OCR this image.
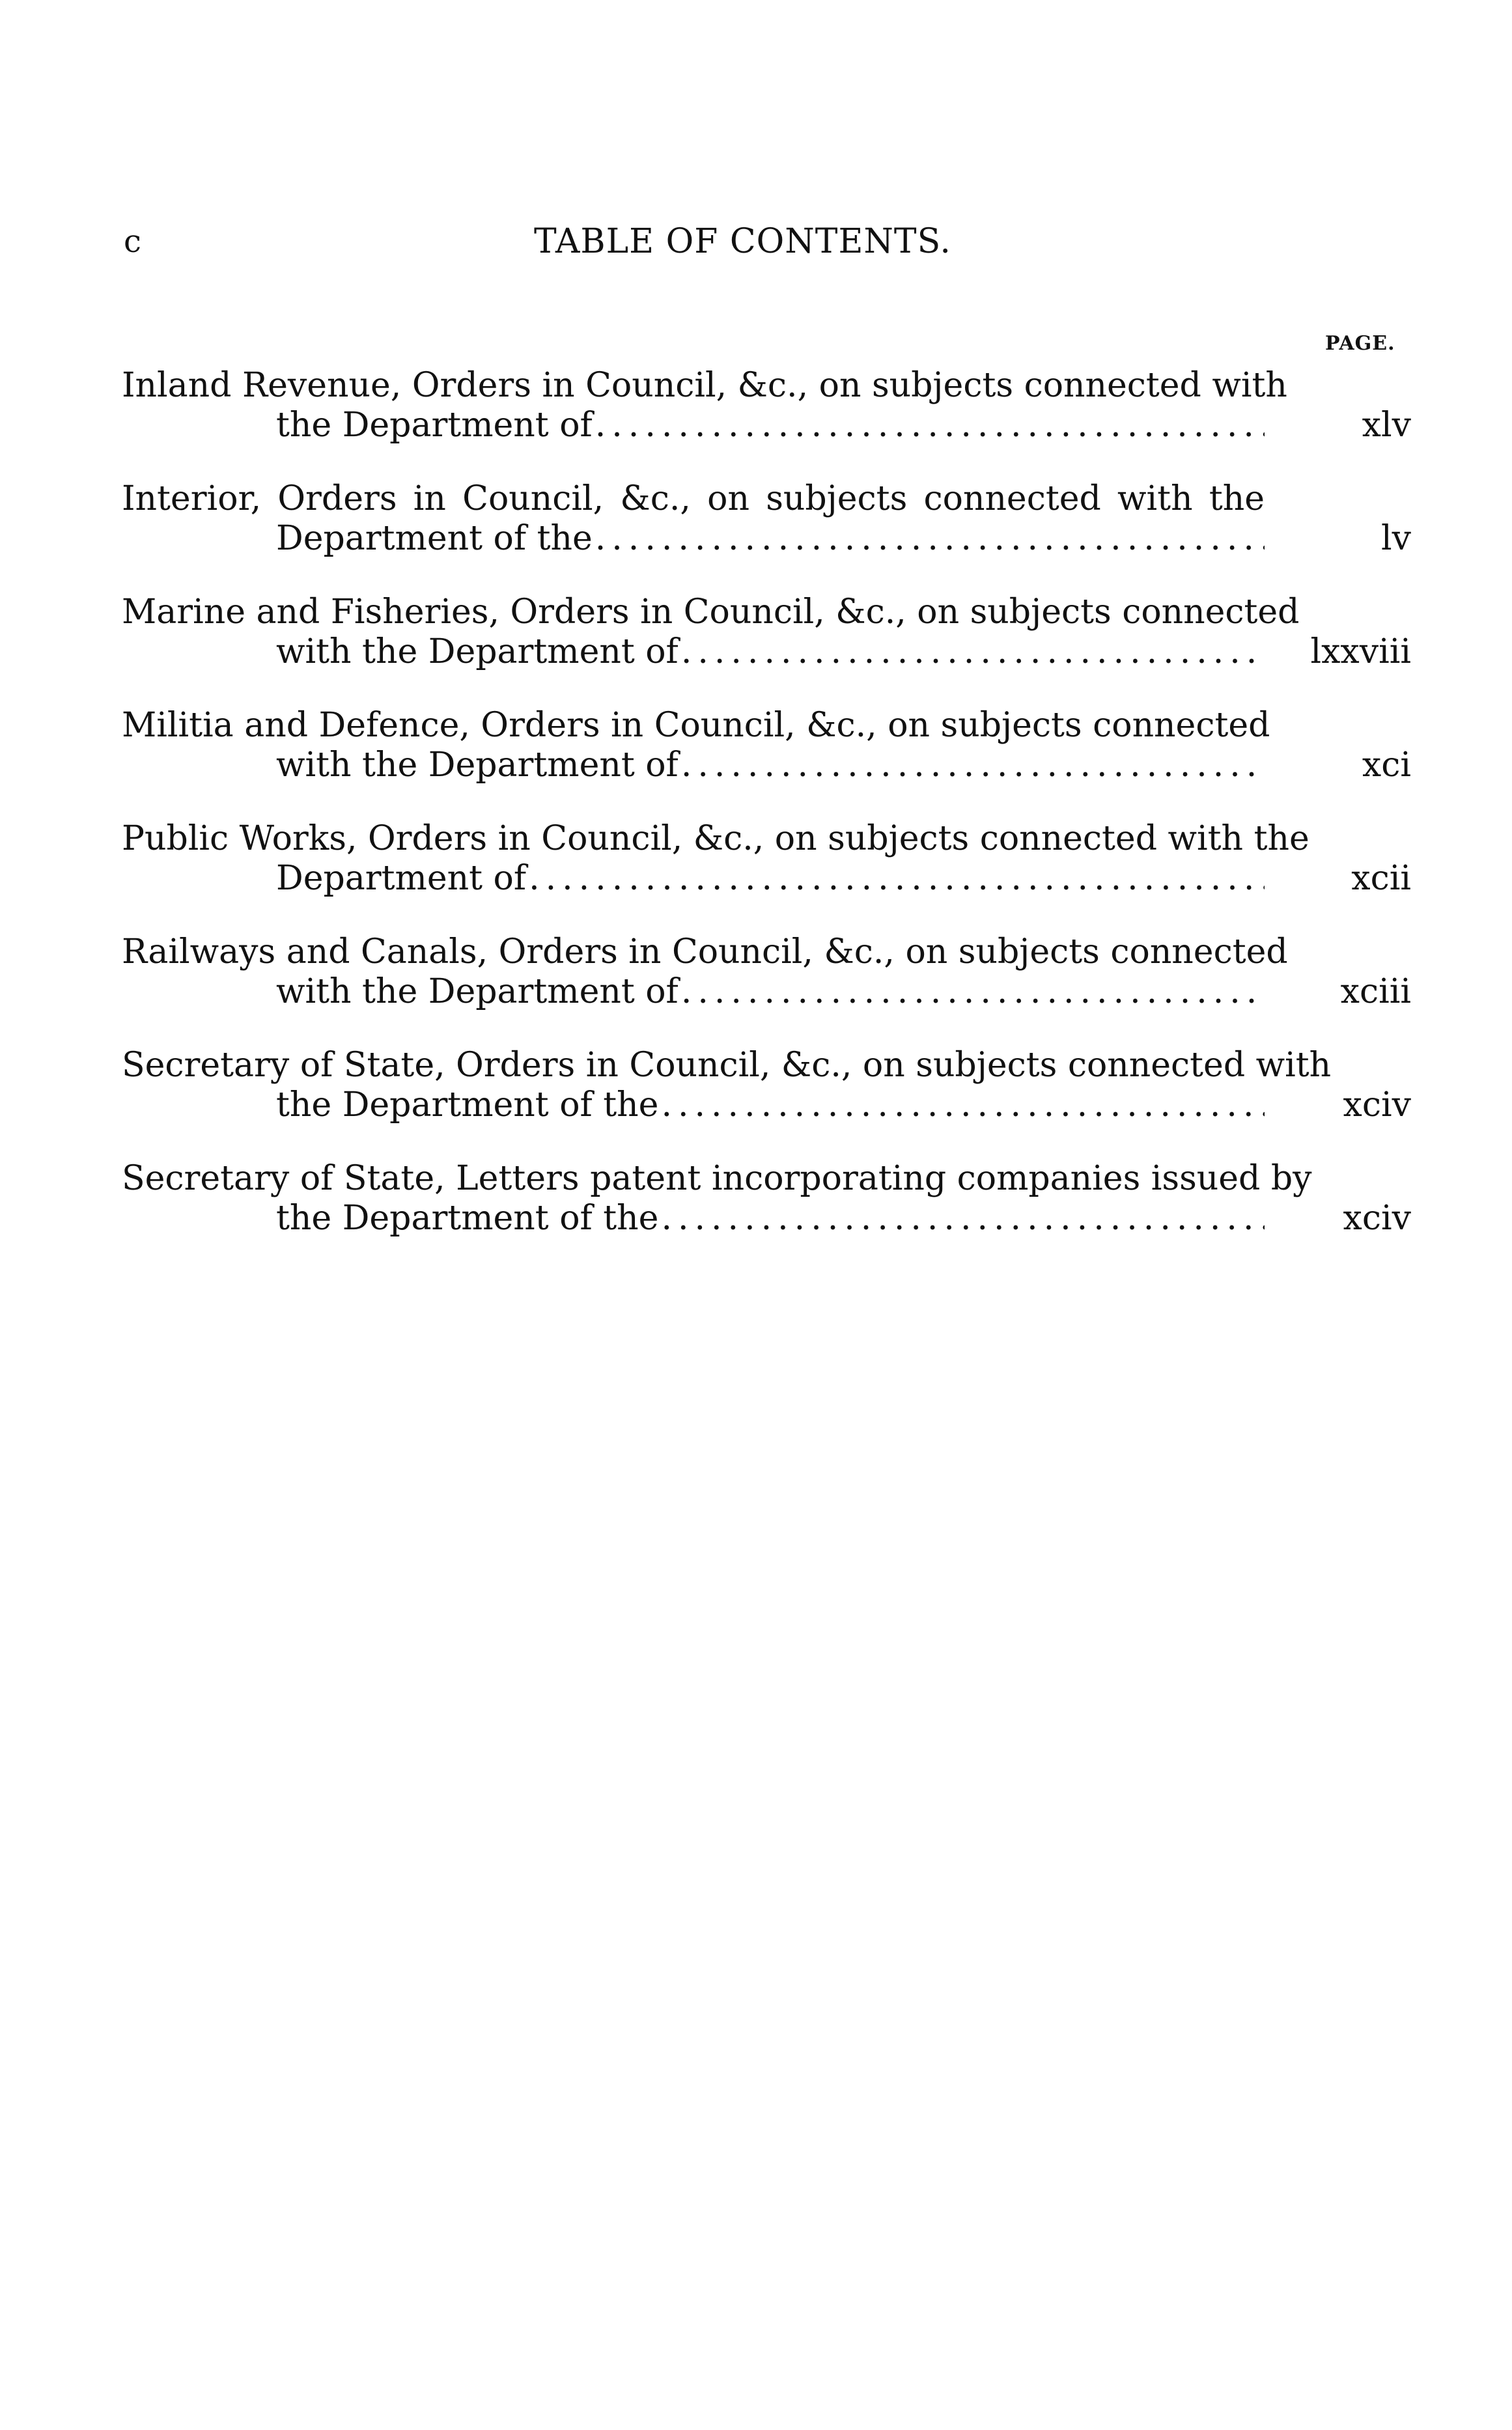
c	TABLE OF CONTENTS.
PAGE.
Inland Revenue, Orders in Council, &c., on subjects connected with
the Department of .....	xlv
Interior, Orders in Council, &c., on subjects connected with the
Department of the .....	lv
Marine and Fisheries, Orders in Council, &c., on subjects connected
with the Department of .....	lxxviii
Militia and Defence, Orders in Council, &c., on subjects connected
with the Department of .....	xci
Public Works, Orders in Council, &c., on subjects connected with the
Department of .....	xcii
Railways and Canals, Orders in Council, &c., on subjects connected
with the Department of .....	xciii
Secretary of State, Orders in Council, &c., on subjects connected with
the Department of the .....	xciv
Secretary of State, Letters patent incorporating companies issued by
the Department of the .....	xciv
